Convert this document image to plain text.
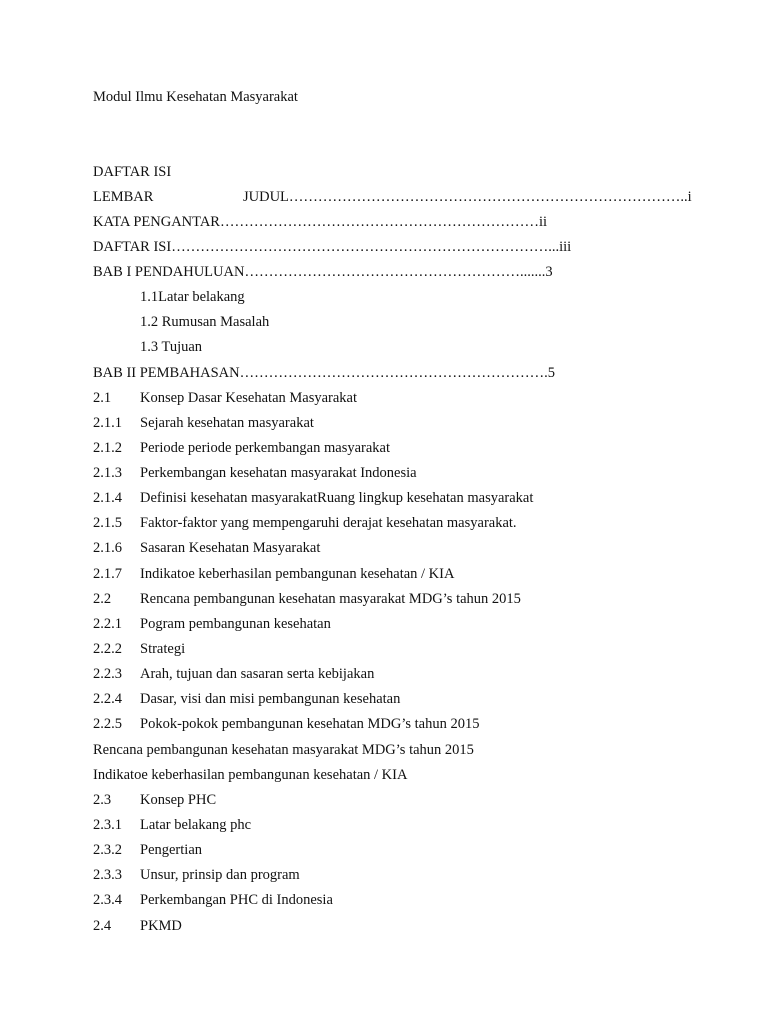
Modul Ilmu Kesehatan Masyarakat
DAFTAR ISI
LEMBAR	JUDUL………………………………………………………………………..i
KATA PENGANTAR…………………………………………………………ii
DAFTAR ISI……………………………………………………………………...iii
BAB I PENDAHULUAN………………………………………………….......3
1.1Latar belakang
1.2 Rumusan Masalah
1.3 Tujuan
BAB II PEMBAHASAN……………………………………………………….5
2.1 Konsep Dasar Kesehatan Masyarakat
2.1.1 Sejarah kesehatan masyarakat
2.1.2 Periode periode perkembangan masyarakat
2.1.3 Perkembangan kesehatan masyarakat Indonesia
2.1.4 Definisi kesehatan masyarakatRuang lingkup kesehatan masyarakat
2.1.5 Faktor-faktor yang mempengaruhi derajat kesehatan masyarakat.
2.1.6 Sasaran Kesehatan Masyarakat
2.1.7 Indikatoe keberhasilan pembangunan kesehatan / KIA
2.2 Rencana pembangunan kesehatan masyarakat MDG’s tahun 2015
2.2.1 Pogram pembangunan kesehatan
2.2.2 Strategi
2.2.3 Arah, tujuan dan sasaran serta kebijakan
2.2.4 Dasar, visi dan misi pembangunan kesehatan
2.2.5 Pokok-pokok pembangunan kesehatan MDG’s tahun 2015
Rencana pembangunan kesehatan masyarakat MDG’s tahun 2015
Indikatoe keberhasilan pembangunan kesehatan / KIA
2.3 Konsep PHC
2.3.1 Latar belakang phc
2.3.2 Pengertian
2.3.3 Unsur, prinsip dan program
2.3.4 Perkembangan PHC di Indonesia
2.4 PKMD
